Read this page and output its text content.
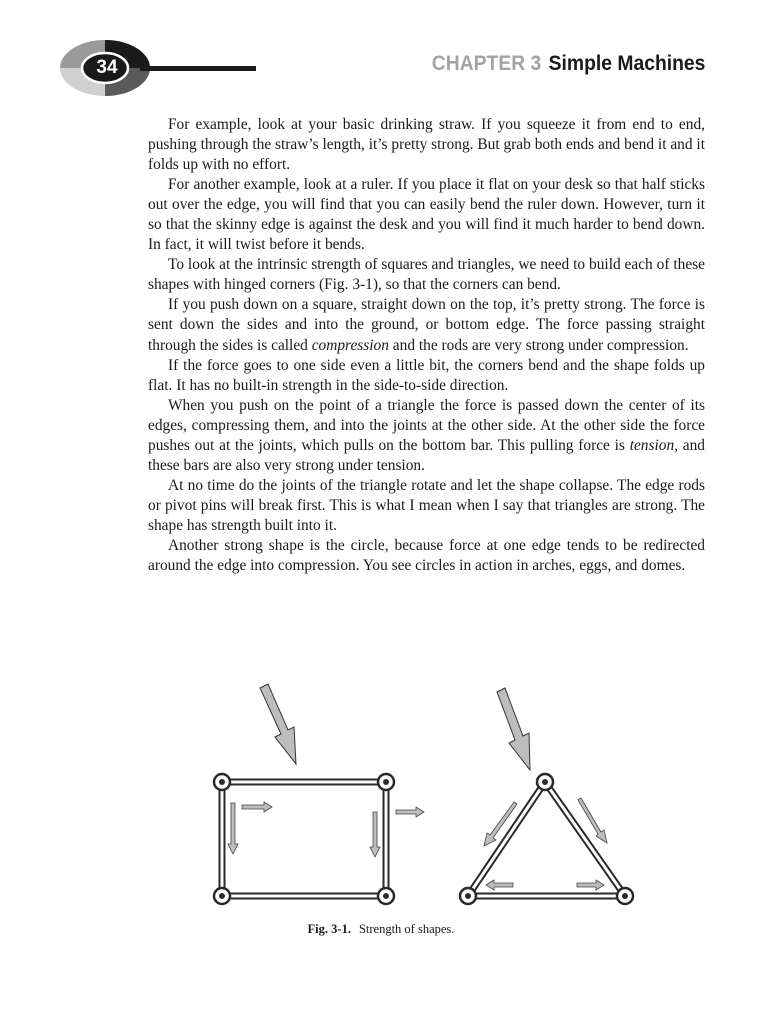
34	CHAPTER 3 Simple Machines

For example, look at your basic drinking straw. If you squeeze it from end to end, pushing through the straw’s length, it’s pretty strong. But grab both ends and bend it and it folds up with no effort.

For another example, look at a ruler. If you place it flat on your desk so that half sticks out over the edge, you will find that you can easily bend the ruler down. However, turn it so that the skinny edge is against the desk and you will find it much harder to bend down. In fact, it will twist before it bends.

To look at the intrinsic strength of squares and triangles, we need to build each of these shapes with hinged corners (Fig. 3-1), so that the corners can bend.

If you push down on a square, straight down on the top, it’s pretty strong. The force is sent down the sides and into the ground, or bottom edge. The force passing straight through the sides is called compression and the rods are very strong under compression.

If the force goes to one side even a little bit, the corners bend and the shape folds up flat. It has no built-in strength in the side-to-side direction.

When you push on the point of a triangle the force is passed down the center of its edges, compressing them, and into the joints at the other side. At the other side the force pushes out at the joints, which pulls on the bottom bar. This pulling force is tension, and these bars are also very strong under tension.

At no time do the joints of the triangle rotate and let the shape collapse. The edge rods or pivot pins will break first. This is what I mean when I say that triangles are strong. The shape has strength built into it.

Another strong shape is the circle, because force at one edge tends to be redirected around the edge into compression. You see circles in action in arches, eggs, and domes.

Fig. 3-1. Strength of shapes.
